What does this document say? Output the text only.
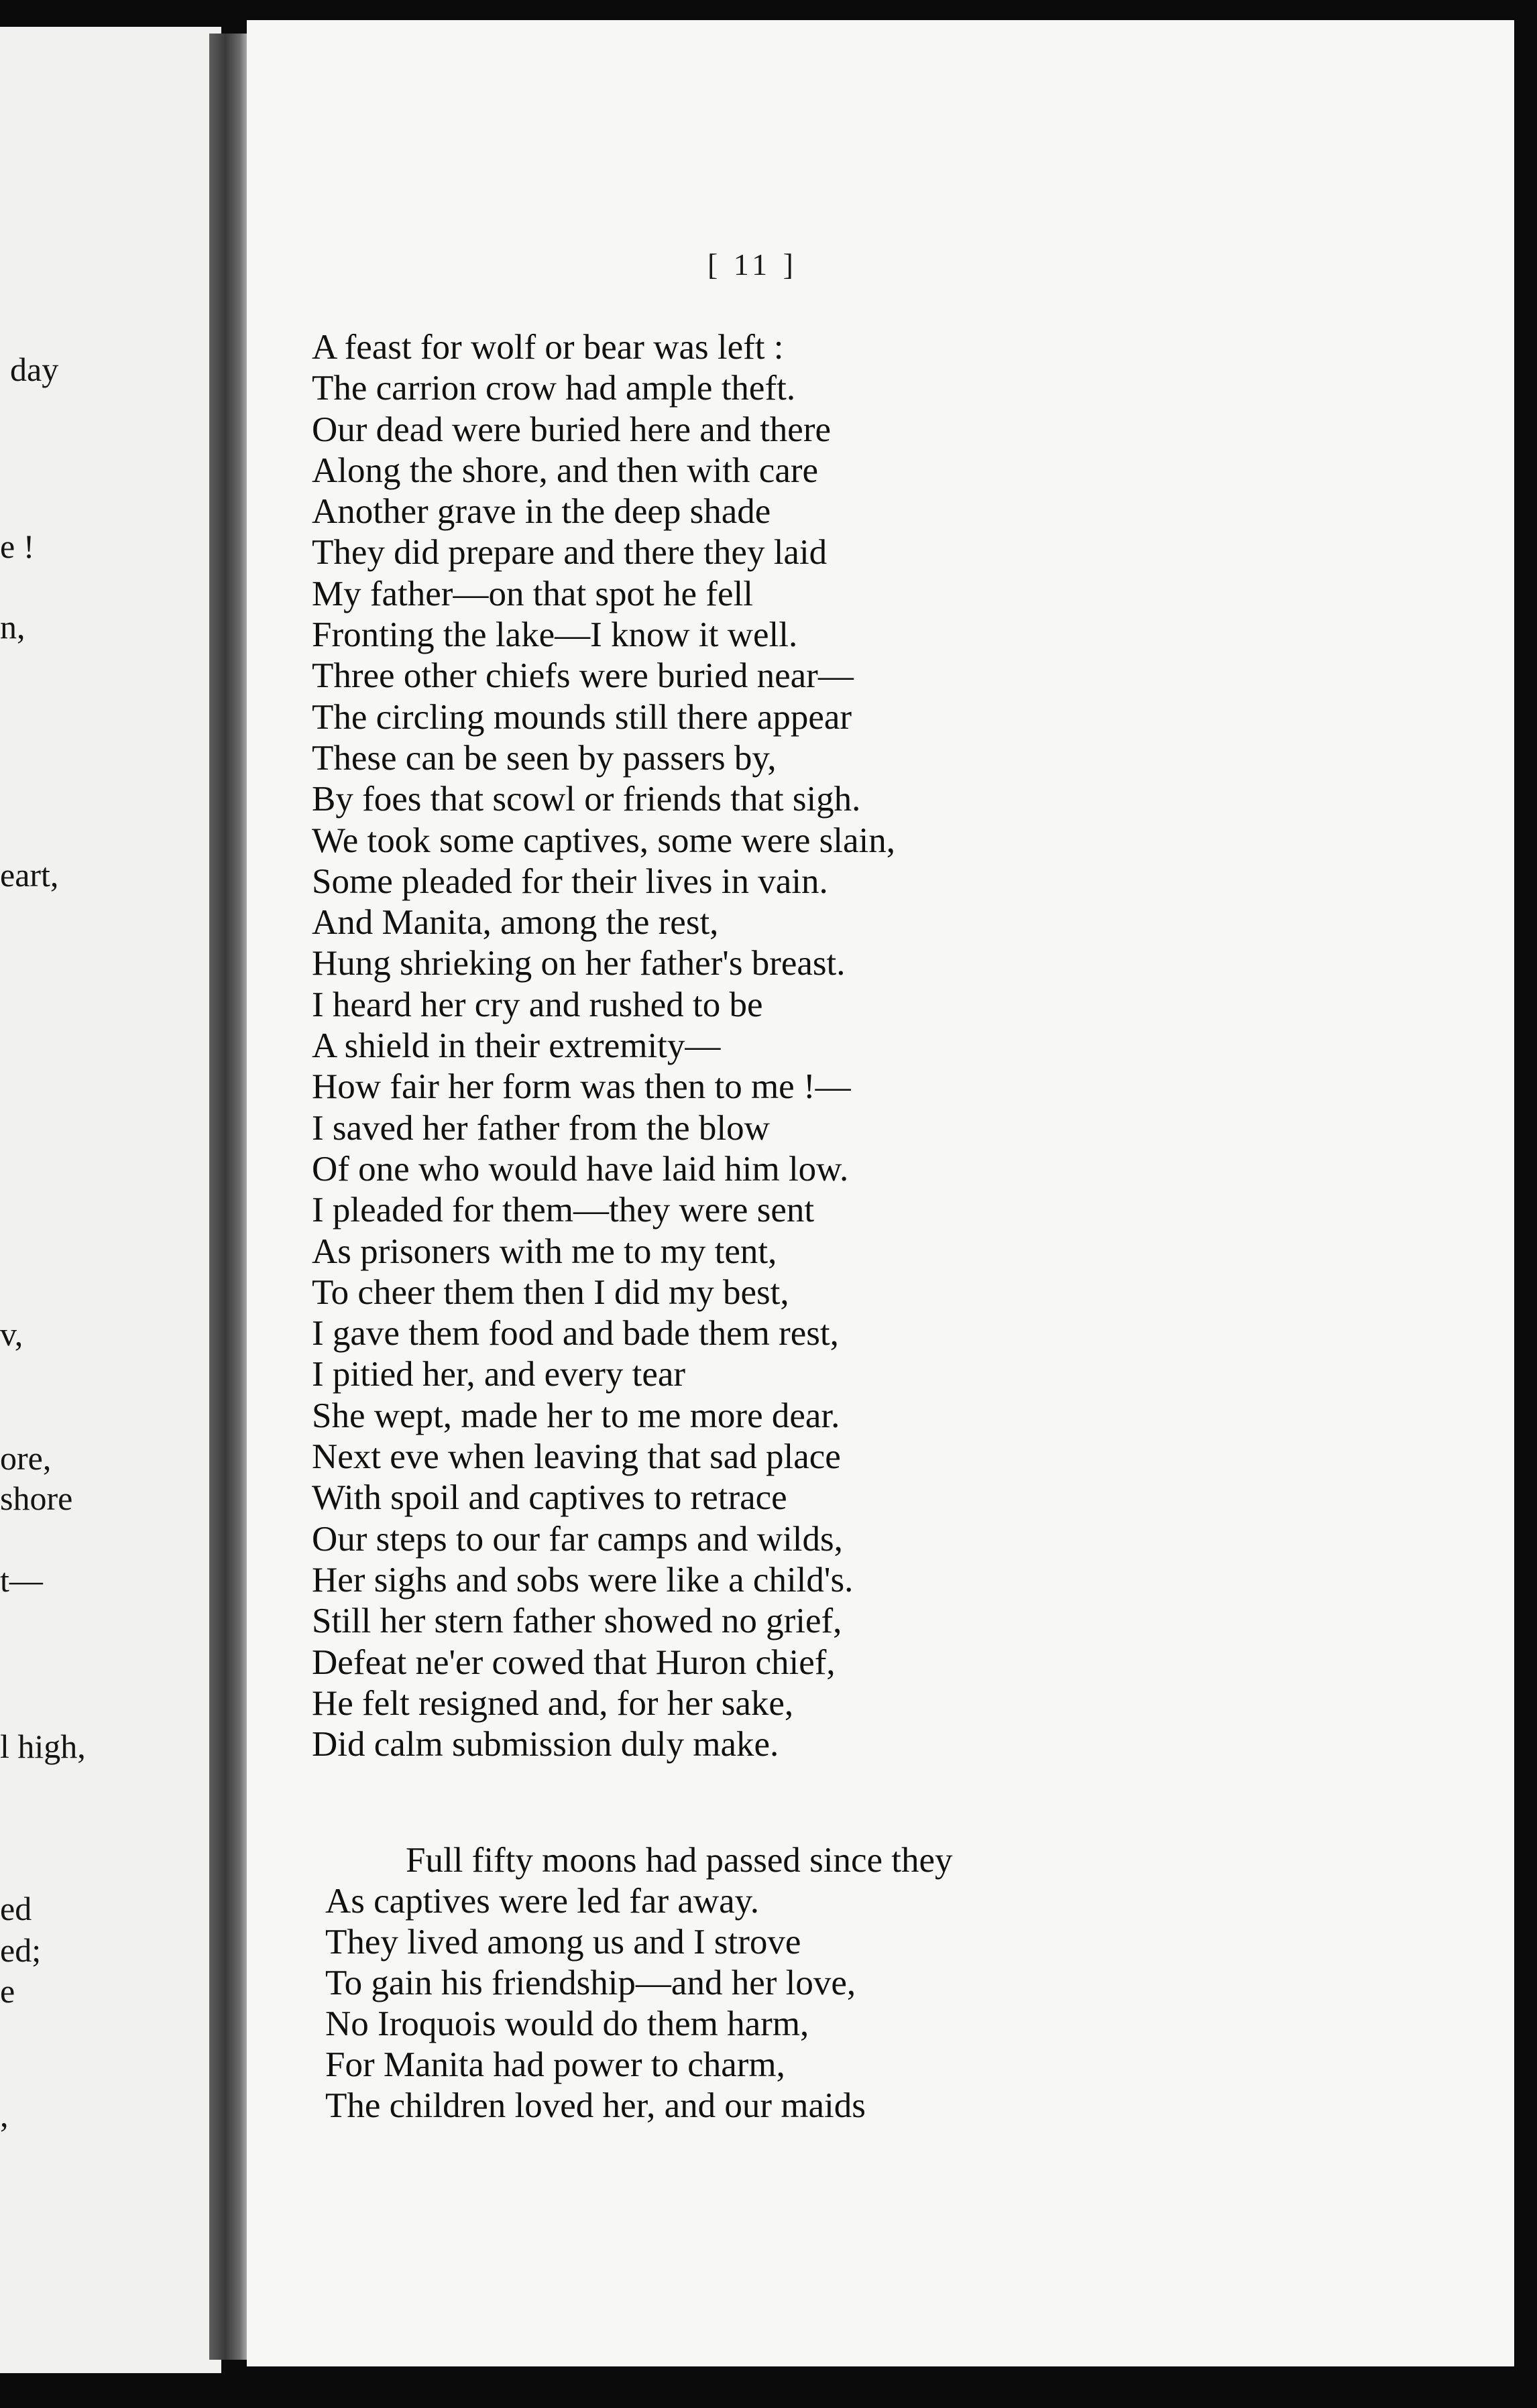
day

e !

n,

eart,

v,

ore,

shore

t—

l high,

ed

ed;

e

,

[ 11 ]

A feast for wolf or bear was left :
The carrion crow had ample theft.
Our dead were buried here and there
Along the shore, and then with care
Another grave in the deep shade
They did prepare and there they laid
My father—on that spot he fell
Fronting the lake—I know it well.
Three other chiefs were buried near—
The circling mounds still there appear
These can be seen by passers by,
By foes that scowl or friends that sigh.
We took some captives, some were slain,
Some pleaded for their lives in vain.
And Manita, among the rest,
Hung shrieking on her father's breast.
I heard her cry and rushed to be
A shield in their extremity—
How fair her form was then to me !—
I saved her father from the blow
Of one who would have laid him low.
I pleaded for them—they were sent
As prisoners with me to my tent,
To cheer them then I did my best,
I gave them food and bade them rest,
I pitied her, and every tear
She wept, made her to me more dear.
Next eve when leaving that sad place
With spoil and captives to retrace
Our steps to our far camps and wilds,
Her sighs and sobs were like a child's.
Still her stern father showed no grief,
Defeat ne'er cowed that Huron chief,
He felt resigned and, for her sake,
Did calm submission duly make.
Full fifty moons had passed since they
As captives were led far away.
They lived among us and I strove
To gain his friendship—and her love,
No Iroquois would do them harm,
For Manita had power to charm,
The children loved her, and our maids
